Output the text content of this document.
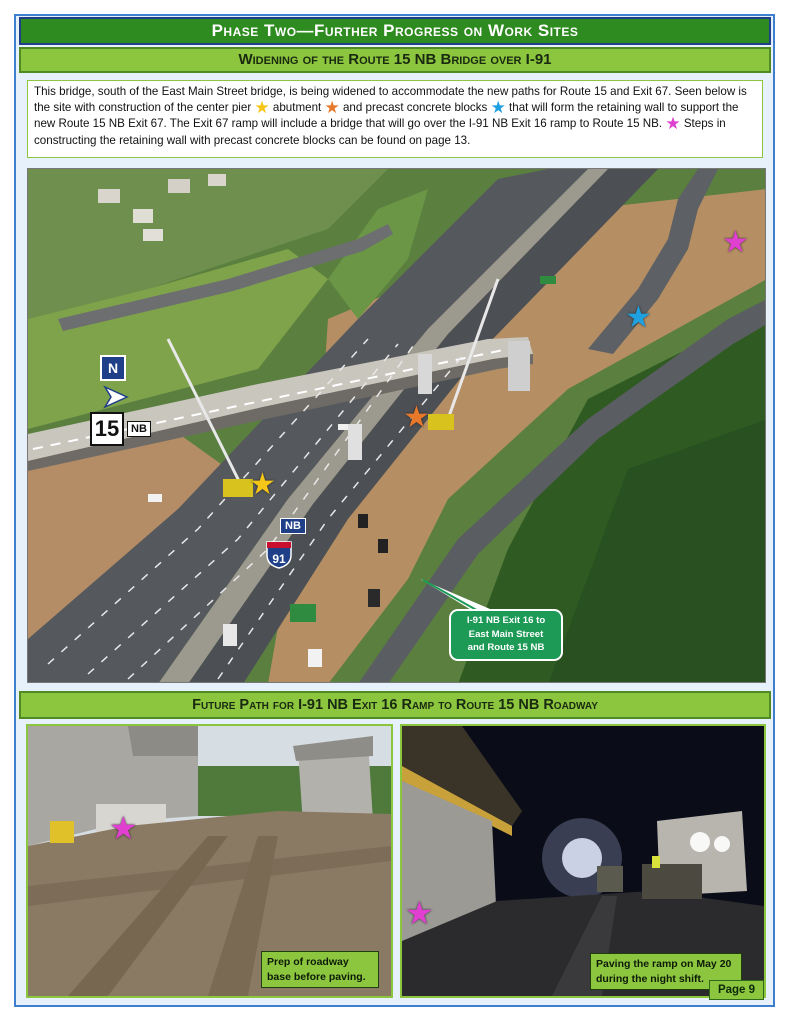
Phase Two—Further Progress on Work Sites
Widening of the Route 15 NB Bridge over I-91
This bridge, south of the East Main Street bridge, is being widened to accommodate the new paths for Route 15 and Exit 67. Seen below is the site with construction of the center pier ★ abutment ★ and precast concrete blocks ★ that will form the retaining wall to support the new Route 15 NB Exit 67. The Exit 67 ramp will include a bridge that will go over the I-91 NB Exit 16 ramp to Route 15 NB. ★ Steps in constructing the retaining wall with precast concrete blocks can be found on page 13.
N
15	NB
NB
91
I-91 NB Exit 16 to
East Main Street
and Route 15 NB
★
★
★
★
Future Path for I-91 NB Exit 16 Ramp to Route 15 NB Roadway
★
Prep of roadway
base before paving.
★
Paving the ramp on May 20
during the night shift.
Page 9
